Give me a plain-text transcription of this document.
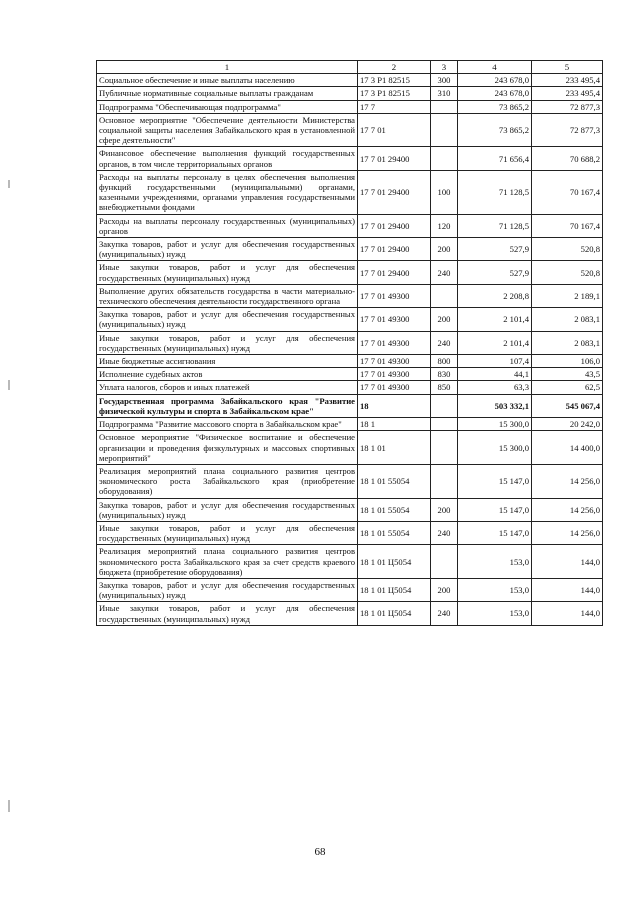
1	2	3	4	5
Социальное обеспечение и иные выплаты населению	17 3 Р1 82515	300	243 678,0	233 495,4
Публичные нормативные социальные выплаты гражданам	17 3 Р1 82515	310	243 678,0	233 495,4
Подпрограмма "Обеспечивающая подпрограмма"	17 7		73 865,2	72 877,3
Основное мероприятие "Обеспечение деятельности Министерства социальной защиты населения Забайкальского края в установленной сфере деятельности"	17 7 01		73 865,2	72 877,3
Финансовое обеспечение выполнения функций государственных органов, в том числе территориальных органов	17 7 01 29400		71 656,4	70 688,2
Расходы на выплаты персоналу в целях обеспечения выполнения функций государственными (муниципальными) органами, казенными учреждениями, органами управления государственными внебюджетными фондами	17 7 01 29400	100	71 128,5	70 167,4
Расходы на выплаты персоналу государственных (муниципальных) органов	17 7 01 29400	120	71 128,5	70 167,4
Закупка товаров, работ и услуг для обеспечения государственных (муниципальных) нужд	17 7 01 29400	200	527,9	520,8
Иные закупки товаров, работ и услуг для обеспечения государственных (муниципальных) нужд	17 7 01 29400	240	527,9	520,8
Выполнение других обязательств государства в части материально-технического обеспечения деятельности государственного органа	17 7 01 49300		2 208,8	2 189,1
Закупка товаров, работ и услуг для обеспечения государственных (муниципальных) нужд	17 7 01 49300	200	2 101,4	2 083,1
Иные закупки товаров, работ и услуг для обеспечения государственных (муниципальных) нужд	17 7 01 49300	240	2 101,4	2 083,1
Иные бюджетные ассигнования	17 7 01 49300	800	107,4	106,0
Исполнение судебных актов	17 7 01 49300	830	44,1	43,5
Уплата налогов, сборов и иных платежей	17 7 01 49300	850	63,3	62,5
Государственная программа Забайкальского края "Развитие физической культуры и спорта в Забайкальском крае"	18		503 332,1	545 067,4
Подпрограмма "Развитие массового спорта в Забайкальском крае"	18 1		15 300,0	20 242,0
Основное мероприятие "Физическое воспитание и обеспечение организации и проведения физкультурных и массовых спортивных мероприятий"	18 1 01		15 300,0	14 400,0
Реализация мероприятий плана социального развития центров экономического роста Забайкальского края (приобретение оборудования)	18 1 01 55054		15 147,0	14 256,0
Закупка товаров, работ и услуг для обеспечения государственных (муниципальных) нужд	18 1 01 55054	200	15 147,0	14 256,0
Иные закупки товаров, работ и услуг для обеспечения государственных (муниципальных) нужд	18 1 01 55054	240	15 147,0	14 256,0
Реализация мероприятий плана социального развития центров экономического роста Забайкальского края за счет средств краевого бюджета (приобретение оборудования)	18 1 01 Ц5054		153,0	144,0
Закупка товаров, работ и услуг для обеспечения государственных (муниципальных) нужд	18 1 01 Ц5054	200	153,0	144,0
Иные закупки товаров, работ и услуг для обеспечения государственных (муниципальных) нужд	18 1 01 Ц5054	240	153,0	144,0
68
